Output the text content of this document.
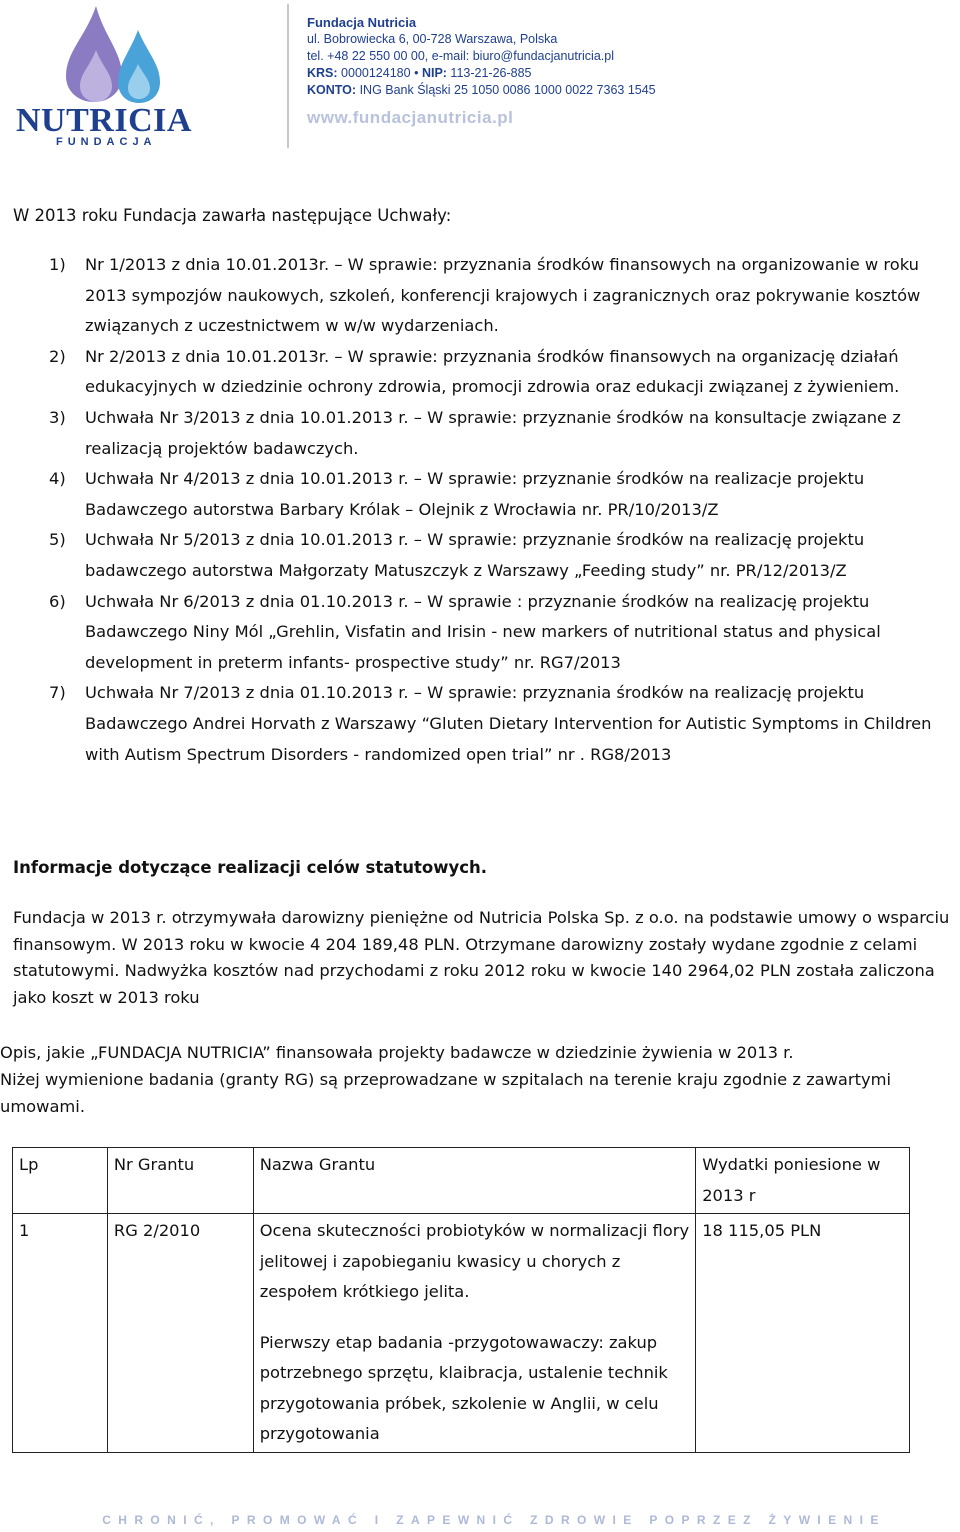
NUTRICIA
FUNDACJA
Fundacja Nutricia
ul. Bobrowiecka 6, 00-728 Warszawa, Polska
tel. +48 22 550 00 00, e-mail: biuro@fundacjanutricia.pl
KRS: 0000124180 • NIP: 113-21-26-885
KONTO: ING Bank Śląski 25 1050 0086 1000 0022 7363 1545
www.fundacjanutricia.pl
W 2013 roku Fundacja zawarła następujące Uchwały:
1) Nr 1/2013 z dnia 10.01.2013r. – W sprawie: przyznania środków finansowych na organizowanie w roku 2013 sympozjów naukowych, szkoleń, konferencji krajowych i zagranicznych oraz pokrywanie kosztów związanych z uczestnictwem w w/w wydarzeniach.
2) Nr 2/2013 z dnia 10.01.2013r. – W sprawie: przyznania środków finansowych na organizację działań edukacyjnych w dziedzinie ochrony zdrowia, promocji zdrowia oraz edukacji związanej z żywieniem.
3) Uchwała Nr 3/2013 z dnia 10.01.2013 r. – W sprawie: przyznanie środków na konsultacje związane z realizacją projektów badawczych.
4) Uchwała Nr 4/2013 z dnia 10.01.2013 r. – W sprawie: przyznanie środków na realizacje projektu Badawczego autorstwa Barbary Królak – Olejnik z Wrocławia nr. PR/10/2013/Z
5) Uchwała Nr 5/2013 z dnia 10.01.2013 r. – W sprawie: przyznanie środków na realizację projektu badawczego autorstwa Małgorzaty Matuszczyk z Warszawy „Feeding study” nr. PR/12/2013/Z
6) Uchwała Nr 6/2013 z dnia 01.10.2013 r. – W sprawie : przyznanie środków na realizację projektu Badawczego Niny Mól „Grehlin, Visfatin and Irisin - new markers of nutritional status and physical development in preterm infants- prospective study” nr. RG7/2013
7) Uchwała Nr 7/2013 z dnia 01.10.2013 r. – W sprawie: przyznania środków na realizację projektu Badawczego Andrei Horvath z Warszawy “Gluten Dietary Intervention for Autistic Symptoms in Children with Autism Spectrum Disorders - randomized open trial” nr . RG8/2013
Informacje dotyczące realizacji celów statutowych.
Fundacja w 2013 r. otrzymywała darowizny pieniężne od Nutricia Polska Sp. z o.o. na podstawie umowy o wsparciu finansowym. W 2013 roku w kwocie 4 204 189,48 PLN. Otrzymane darowizny zostały wydane zgodnie z celami statutowymi. Nadwyżka kosztów nad przychodami z roku 2012 roku w kwocie 140 2964,02 PLN została zaliczona jako koszt w 2013 roku
Opis, jakie „FUNDACJA NUTRICIA” finansowała projekty badawcze w dziedzinie żywienia w 2013 r.
Niżej wymienione badania (granty RG) są przeprowadzane w szpitalach na terenie kraju zgodnie z zawartymi umowami.
Lp	Nr Grantu	Nazwa Grantu	Wydatki poniesione w 2013 r
1	RG 2/2010	Ocena skuteczności probiotyków w normalizacji flory jelitowej i zapobieganiu kwasicy u chorych z zespołem krótkiego jelita.
Pierwszy etap badania -przygotowawaczy: zakup potrzebnego sprzętu, klaibracja, ustalenie technik przygotowania próbek, szkolenie w Anglii, w celu przygotowania	18 115,05 PLN
CHRONIĆ, PROMOWAĆ I ZAPEWNIĆ ZDROWIE POPRZEZ ŻYWIENIE
